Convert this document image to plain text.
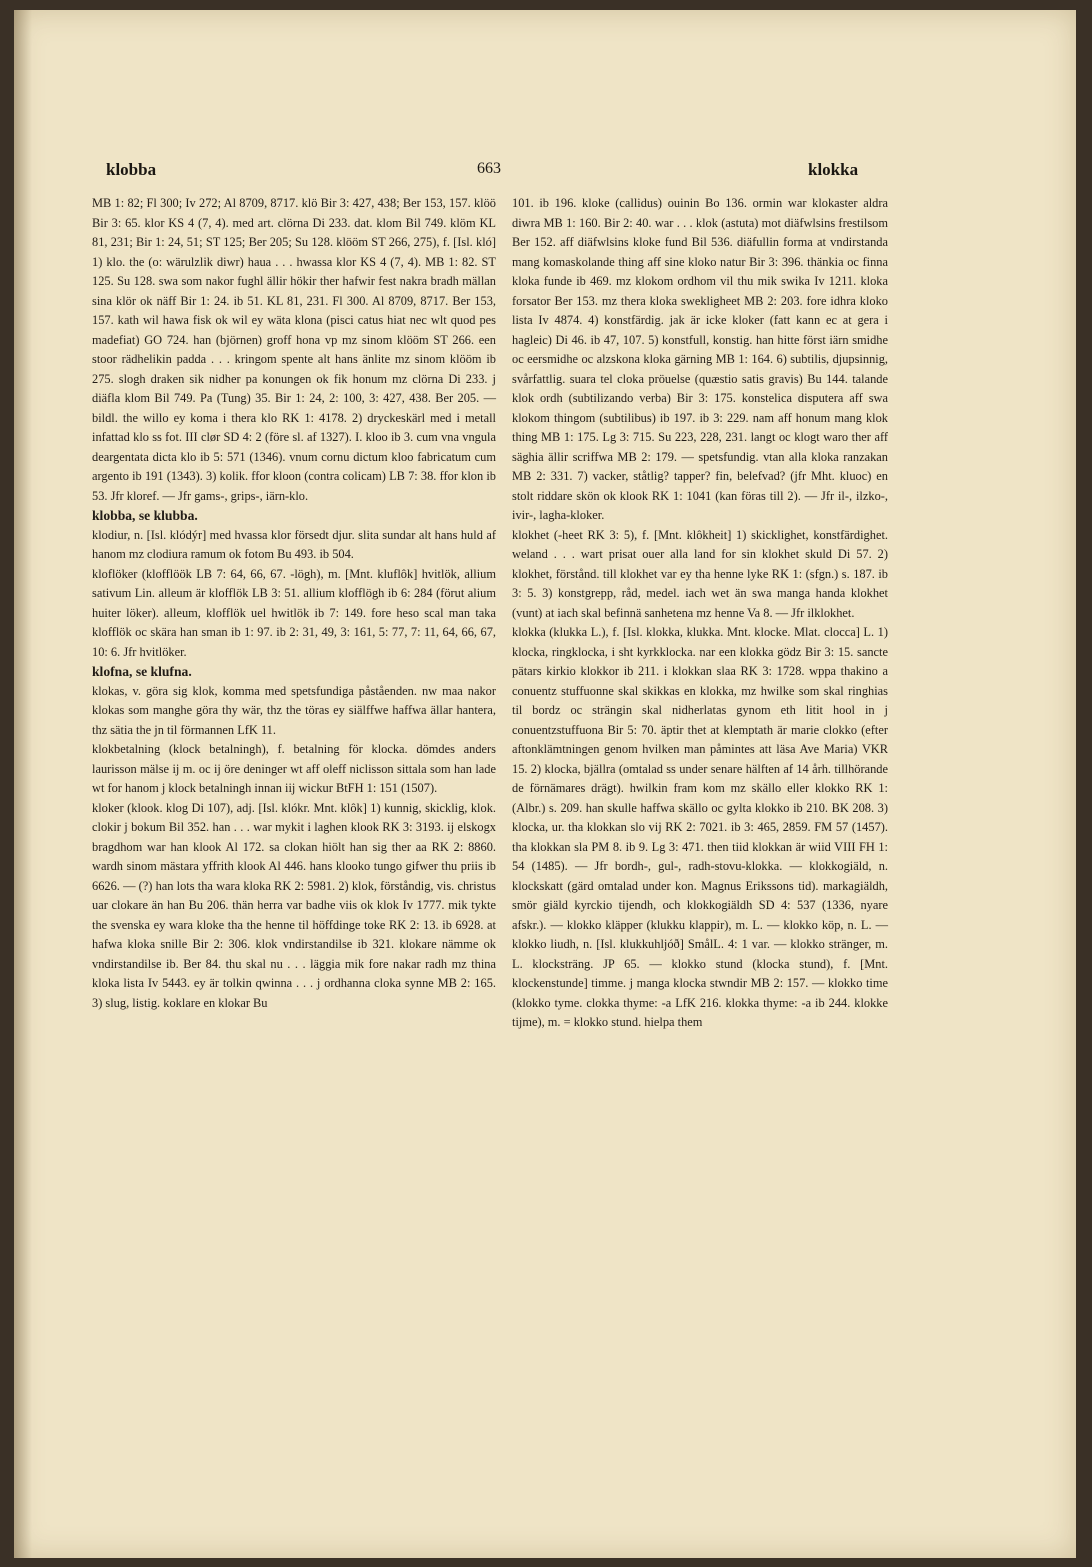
klobba	663	klokka

MB 1: 82; Fl 300; Iv 272; Al 8709, 8717. klö Bir 3: 427, 438; Ber 153, 157. klöö Bir 3: 65. klor KS 4 (7, 4). med art. clörna Di 233. dat. klom Bil 749. klöm KL 81, 231; Bir 1: 24, 51; ST 125; Ber 205; Su 128. klööm ST 266, 275), f. [Isl. kló] 1) klo. the (o: wärulzlik diwr) haua . . . hwassa klor KS 4 (7, 4). MB 1: 82. ST 125. Su 128. swa som nakor fughl ällir hökir ther hafwir fest nakra bradh mällan sina klör ok näff Bir 1: 24. ib 51. KL 81, 231. Fl 300. Al 8709, 8717. Ber 153, 157. kath wil hawa fisk ok wil ey wäta klona (pisci catus hiat nec wlt quod pes madefiat) GO 724. han (björnen) groff hona vp mz sinom klööm ST 266. een stoor rädhelikin padda . . . kringom spente alt hans änlite mz sinom klööm ib 275. slogh draken sik nidher pa konungen ok fik honum mz clörna Di 233. j diäfla klom Bil 749. Pa (Tung) 35. Bir 1: 24, 2: 100, 3: 427, 438. Ber 205. — bildl. the willo ey koma i thera klo RK 1: 4178. 2) dryckeskärl med i metall infattad klo ss fot. III clør SD 4: 2 (före sl. af 1327). I. kloo ib 3. cum vna vngula deargentata dicta klo ib 5: 571 (1346). vnum cornu dictum kloo fabricatum cum argento ib 191 (1343). 3) kolik. ffor kloon (contra colicam) LB 7: 38. ffor klon ib 53. Jfr kloref. — Jfr gams-, grips-, iärn-klo.

klobba, se klubba.

klodiur, n. [Isl. klódýr] med hvassa klor försedt djur. slita sundar alt hans huld af hanom mz clodiura ramum ok fotom Bu 493. ib 504.

kloflöker (klofflöök LB 7: 64, 66, 67. -lögh), m. [Mnt. kluflôk] hvitlök, allium sativum Lin. alleum är klofflök LB 3: 51. allium klofflögh ib 6: 284 (förut alium huiter löker). alleum, klofflök uel hwitlök ib 7: 149. fore heso scal man taka klofflök oc skära han sman ib 1: 97. ib 2: 31, 49, 3: 161, 5: 77, 7: 11, 64, 66, 67, 10: 6. Jfr hvitlöker.

klofna, se klufna.

klokas, v. göra sig klok, komma med spetsfundiga påståenden. nw maa nakor klokas som manghe göra thy wär, thz the töras ey siälffwe haffwa ällar hantera, thz sätia the jn til förmannen LfK 11.

klokbetalning (klock betalningh), f. betalning för klocka. dömdes anders laurisson mälse ij m. oc ij öre deninger wt aff oleff niclisson sittala som han lade wt for hanom j klock betalningh innan iij wickur BtFH 1: 151 (1507).

kloker (klook. klog Di 107), adj. [Isl. klókr. Mnt. klôk] 1) kunnig, skicklig, klok. clokir j bokum Bil 352. han . . . war mykit i laghen klook RK 3: 3193. ij elskogx bragdhom war han klook Al 172. sa clokan hiölt han sig ther aa RK 2: 8860. wardh sinom mästara yffrith klook Al 446. hans klooko tungo gifwer thu priis ib 6626. — (?) han lots tha wara kloka RK 2: 5981. 2) klok, förståndig, vis. christus uar clokare än han Bu 206. thän herra var badhe viis ok klok Iv 1777. mik tykte the svenska ey wara kloke tha the henne til höffdinge toke RK 2: 13. ib 6928. at hafwa kloka snille Bir 2: 306. klok vndirstandilse ib 321. klokare nämme ok vndirstandilse ib. Ber 84. thu skal nu . . . läggia mik fore nakar radh mz thina kloka lista Iv 5443. ey är tolkin qwinna . . . j ordhanna cloka synne MB 2: 165. 3) slug, listig. koklare en klokar Bu

101. ib 196. kloke (callidus) ouinin Bo 136. ormin war klokaster aldra diwra MB 1: 160. Bir 2: 40. war . . . klok (astuta) mot diäfwlsins frestilsom Ber 152. aff diäfwlsins kloke fund Bil 536. diäfullin forma at vndirstanda mang komaskolande thing aff sine kloko natur Bir 3: 396. thänkia oc finna kloka funde ib 469. mz klokom ordhom vil thu mik swika Iv 1211. kloka forsator Ber 153. mz thera kloka swekligheet MB 2: 203. fore idhra kloko lista Iv 4874. 4) konstfärdig. jak är icke kloker (fatt kann ec at gera i hagleic) Di 46. ib 47, 107. 5) konstfull, konstig. han hitte först iärn smidhe oc eersmidhe oc alzskona kloka gärning MB 1: 164. 6) subtilis, djupsinnig, svårfattlig. suara tel cloka pröuelse (quæstio satis gravis) Bu 144. talande klok ordh (subtilizando verba) Bir 3: 175. konstelica disputera aff swa klokom thingom (subtilibus) ib 197. ib 3: 229. nam aff honum mang klok thing MB 1: 175. Lg 3: 715. Su 223, 228, 231. langt oc klogt waro ther aff säghia ällir scriffwa MB 2: 179. — spetsfundig. vtan alla kloka ranzakan MB 2: 331. 7) vacker, ståtlig? tapper? fin, belefvad? (jfr Mht. kluoc) en stolt riddare skön ok klook RK 1: 1041 (kan föras till 2). — Jfr il-, ilzko-, ivir-, lagha-kloker.

klokhet (-heet RK 3: 5), f. [Mnt. klôkheit] 1) skicklighet, konstfärdighet. weland . . . wart prisat ouer alla land for sin klokhet skuld Di 57. 2) klokhet, förstånd. till klokhet var ey tha henne lyke RK 1: (sfgn.) s. 187. ib 3: 5. 3) konstgrepp, råd, medel. iach wet än swa manga handa klokhet (vunt) at iach skal befinnä sanhetena mz henne Va 8. — Jfr ilklokhet.

klokka (klukka L.), f. [Isl. klokka, klukka. Mnt. klocke. Mlat. clocca] L. 1) klocka, ringklocka, i sht kyrkklocka. nar een klokka gödz Bir 3: 15. sancte pätars kirkio klokkor ib 211. i klokkan slaa RK 3: 1728. wppa thakino a conuentz stuffuonne skal skikkas en klokka, mz hwilke som skal ringhias til bordz oc strängin skal nidherlatas gynom eth litit hool in j conuentzstuffuona Bir 5: 70. äptir thet at klemptath är marie clokko (efter aftonklämtningen genom hvilken man påmintes att läsa Ave Maria) VKR 15. 2) klocka, bjällra (omtalad ss under senare hälften af 14 årh. tillhörande de förnämares drägt). hwilkin fram kom mz skällo eller klokko RK 1: (Albr.) s. 209. han skulle haffwa skällo oc gylta klokko ib 210. BK 208. 3) klocka, ur. tha klokkan slo vij RK 2: 7021. ib 3: 465, 2859. FM 57 (1457). tha klokkan sla PM 8. ib 9. Lg 3: 471. then tiid klokkan är wiid VIII FH 1: 54 (1485). — Jfr bordh-, gul-, radh-stovu-klokka. — klokkogiäld, n. klockskatt (gärd omtalad under kon. Magnus Erikssons tid). markagiäldh, smör giäld kyrckio tijendh, och klokkogiäldh SD 4: 537 (1336, nyare afskr.). — klokko kläpper (klukku klappir), m. L. — klokko köp, n. L. — klokko liudh, n. [Isl. klukkuhljóð] SmålL. 4: 1 var. — klokko stränger, m. L. klocksträng. JP 65. — klokko stund (klocka stund), f. [Mnt. klockenstunde] timme. j manga klocka stwndir MB 2: 157. — klokko time (klokko tyme. clokka thyme: -a LfK 216. klokka thyme: -a ib 244. klokke tijme), m. = klokko stund. hielpa them
